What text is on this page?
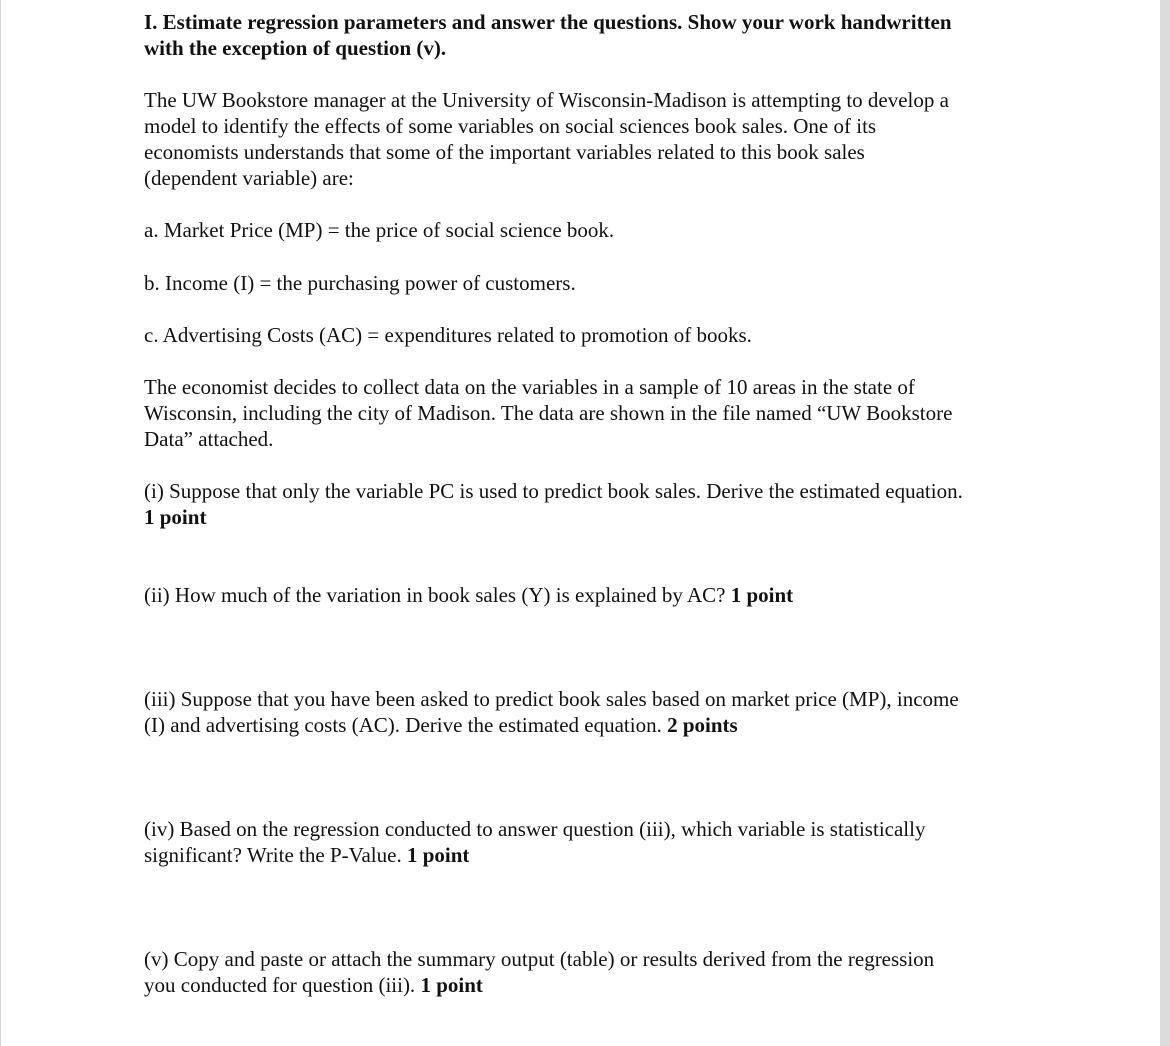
I. Estimate regression parameters and answer the questions. Show your work handwritten

with the exception of question (v).

The UW Bookstore manager at the University of Wisconsin-Madison is attempting to develop a

model to identify the effects of some variables on social sciences book sales. One of its

economists understands that some of the important variables related to this book sales

(dependent variable) are:

a. Market Price (MP) = the price of social science book.

b. Income (I) = the purchasing power of customers.

c. Advertising Costs (AC) = expenditures related to promotion of books.

The economist decides to collect data on the variables in a sample of 10 areas in the state of

Wisconsin, including the city of Madison. The data are shown in the file named “UW Bookstore

Data” attached.

(i) Suppose that only the variable PC is used to predict book sales. Derive the estimated equation.

1 point

(ii) How much of the variation in book sales (Y) is explained by AC? 1 point

(iii) Suppose that you have been asked to predict book sales based on market price (MP), income

(I) and advertising costs (AC). Derive the estimated equation. 2 points

(iv) Based on the regression conducted to answer question (iii), which variable is statistically

significant? Write the P-Value. 1 point

(v) Copy and paste or attach the summary output (table) or results derived from the regression

you conducted for question (iii). 1 point
